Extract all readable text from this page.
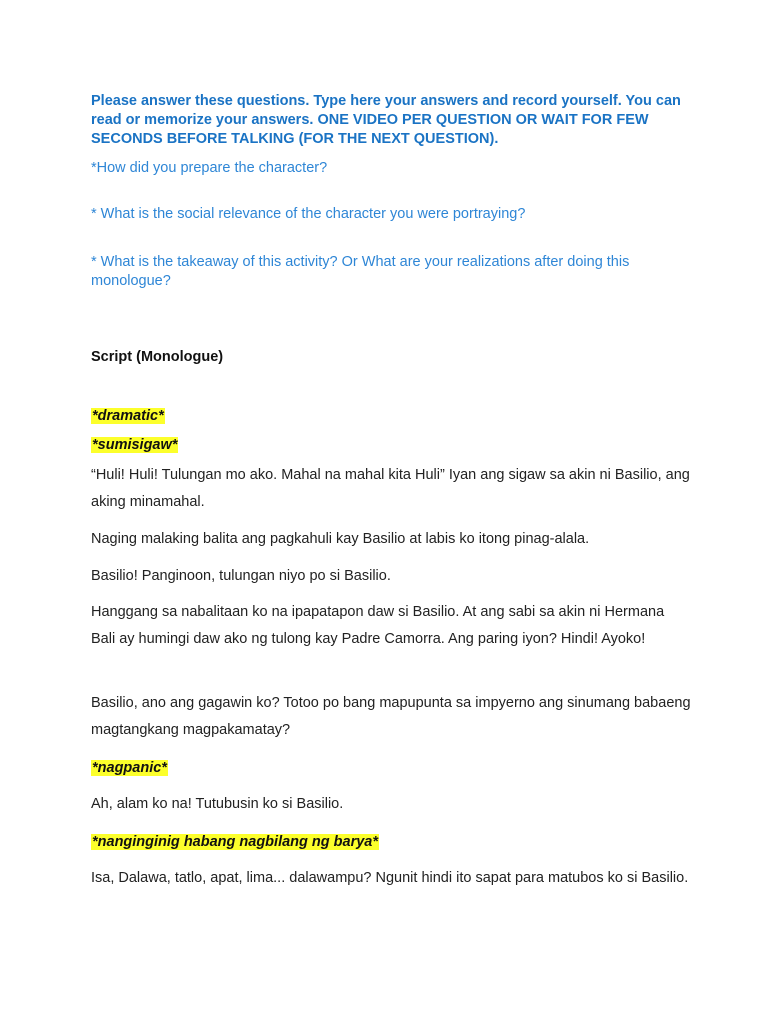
Please answer these questions. Type here your answers and record yourself. You can read or memorize your answers. ONE VIDEO PER QUESTION OR WAIT FOR FEW SECONDS BEFORE TALKING (FOR THE NEXT QUESTION).

*How did you prepare the character?

* What is the social relevance of the character you were portraying?

* What is the takeaway of this activity? Or What are your realizations after doing this monologue?

Script (Monologue)

*dramatic*

*sumisigaw*

“Huli! Huli! Tulungan mo ako. Mahal na mahal kita Huli” Iyan ang sigaw sa akin ni Basilio, ang aking minamahal.

Naging malaking balita ang pagkahuli kay Basilio at labis ko itong pinag-alala.

Basilio! Panginoon, tulungan niyo po si Basilio.

Hanggang sa nabalitaan ko na ipapatapon daw si Basilio. At ang sabi sa akin ni Hermana Bali ay humingi daw ako ng tulong kay Padre Camorra. Ang paring iyon? Hindi! Ayoko!

Basilio, ano ang gagawin ko? Totoo po bang mapupunta sa impyerno ang sinumang babaeng magtangkang magpakamatay?

*nagpanic*

Ah, alam ko na! Tutubusin ko si Basilio.

*nanginginig habang nagbilang ng barya*

Isa, Dalawa, tatlo, apat, lima... dalawampu? Ngunit hindi ito sapat para matubos ko si Basilio.
